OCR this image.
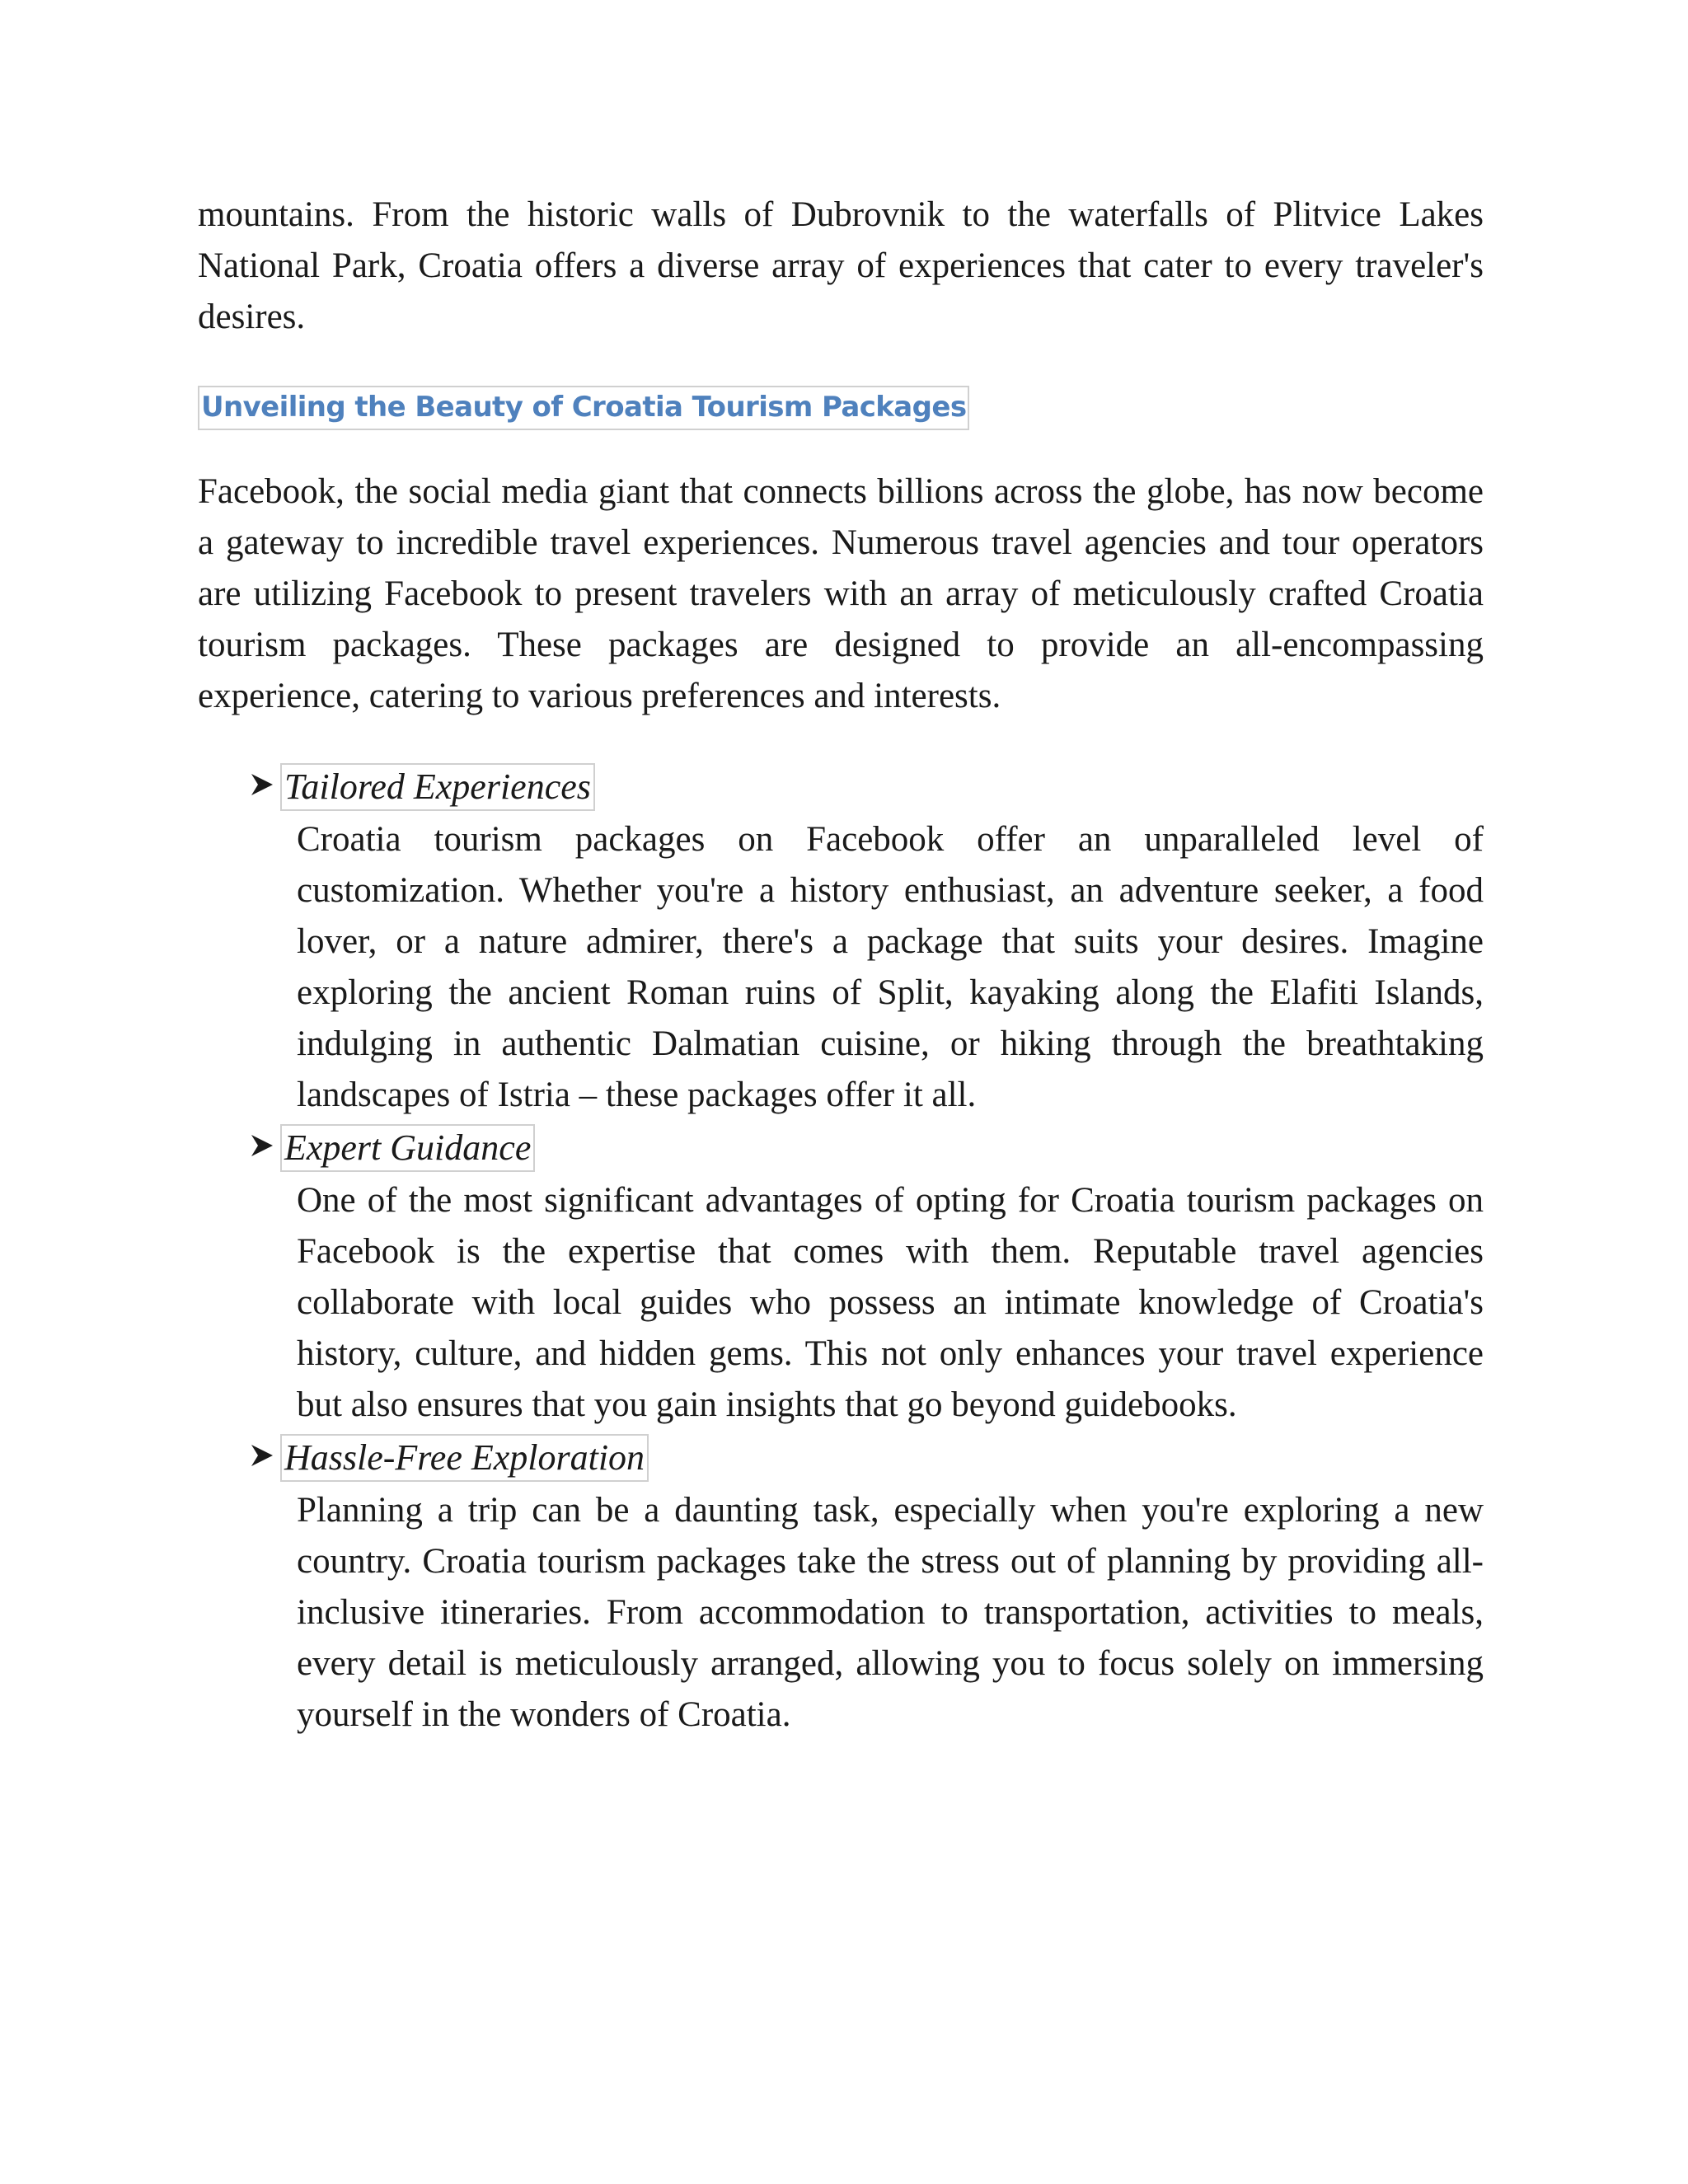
mountains. From the historic walls of Dubrovnik to the waterfalls of Plitvice Lakes National Park, Croatia offers a diverse array of experiences that cater to every traveler's desires.

Unveiling the Beauty of Croatia Tourism Packages

Facebook, the social media giant that connects billions across the globe, has now become a gateway to incredible travel experiences. Numerous travel agencies and tour operators are utilizing Facebook to present travelers with an array of meticulously crafted Croatia tourism packages. These packages are designed to provide an all-encompassing experience, catering to various preferences and interests.

Tailored Experiences

Croatia tourism packages on Facebook offer an unparalleled level of customization. Whether you're a history enthusiast, an adventure seeker, a food lover, or a nature admirer, there's a package that suits your desires. Imagine exploring the ancient Roman ruins of Split, kayaking along the Elafiti Islands, indulging in authentic Dalmatian cuisine, or hiking through the breathtaking landscapes of Istria – these packages offer it all.

Expert Guidance

One of the most significant advantages of opting for Croatia tourism packages on Facebook is the expertise that comes with them. Reputable travel agencies collaborate with local guides who possess an intimate knowledge of Croatia's history, culture, and hidden gems. This not only enhances your travel experience but also ensures that you gain insights that go beyond guidebooks.

Hassle-Free Exploration

Planning a trip can be a daunting task, especially when you're exploring a new country. Croatia tourism packages take the stress out of planning by providing all-inclusive itineraries. From accommodation to transportation, activities to meals, every detail is meticulously arranged, allowing you to focus solely on immersing yourself in the wonders of Croatia.
